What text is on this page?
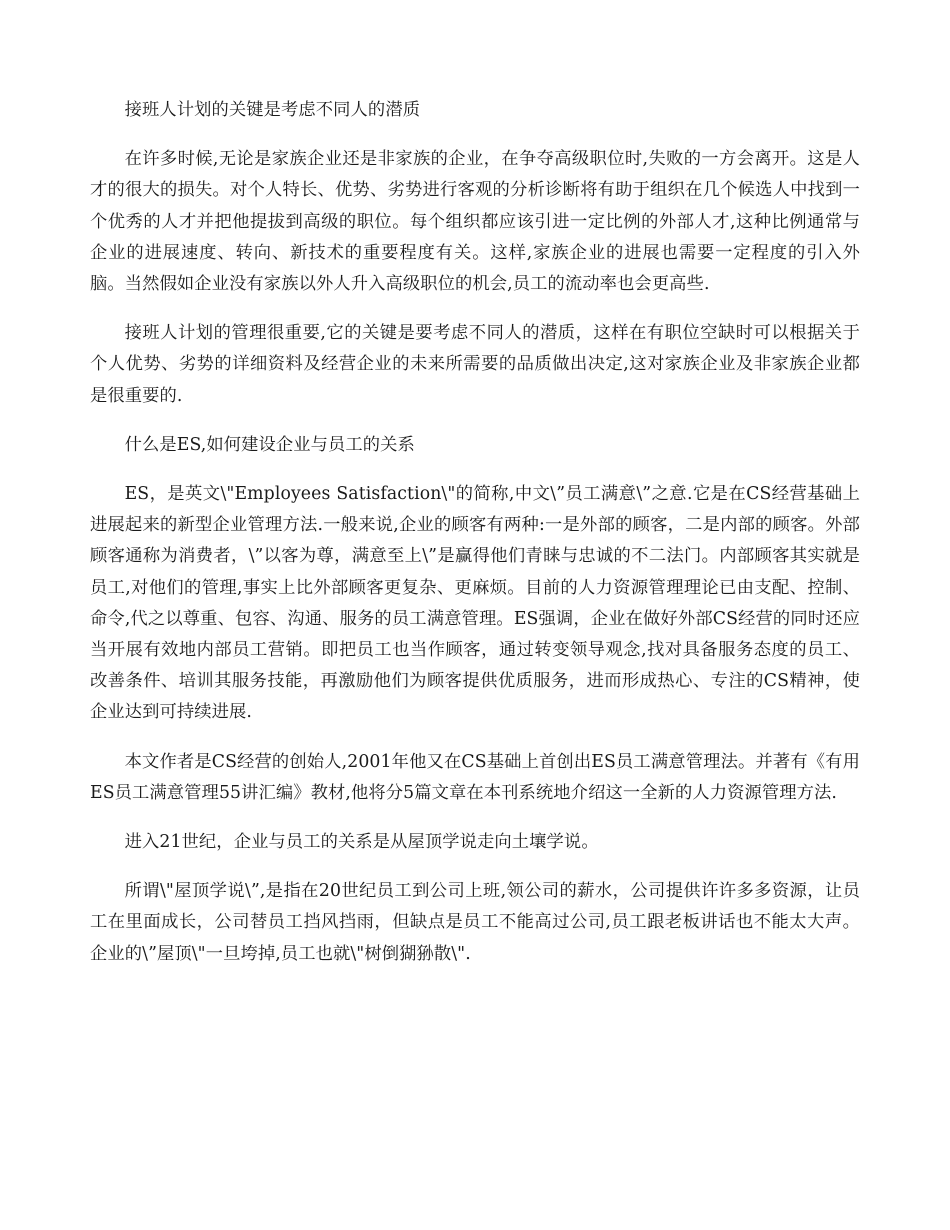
接班人计划的关键是考虑不同人的潜质

在许多时候,无论是家族企业还是非家族的企业，在争夺高级职位时,失败的一方会离开。这是人才的很大的损失。对个人特长、优势、劣势进行客观的分析诊断将有助于组织在几个候选人中找到一个优秀的人才并把他提拔到高级的职位。每个组织都应该引进一定比例的外部人才,这种比例通常与企业的进展速度、转向、新技术的重要程度有关。这样,家族企业的进展也需要一定程度的引入外脑。当然假如企业没有家族以外人升入高级职位的机会,员工的流动率也会更高些.

接班人计划的管理很重要,它的关键是要考虑不同人的潜质，这样在有职位空缺时可以根据关于个人优势、劣势的详细资料及经营企业的未来所需要的品质做出决定,这对家族企业及非家族企业都是很重要的.

什么是ES,如何建设企业与员工的关系

ES，是英文\"Employees Satisfaction\"的简称,中文\”员工满意\”之意.它是在CS经营基础上进展起来的新型企业管理方法.一般来说,企业的顾客有两种:一是外部的顾客，二是内部的顾客。外部顾客通称为消费者，\”以客为尊，满意至上\”是赢得他们青睐与忠诚的不二法门。内部顾客其实就是员工,对他们的管理,事实上比外部顾客更复杂、更麻烦。目前的人力资源管理理论已由支配、控制、命令,代之以尊重、包容、沟通、服务的员工满意管理。ES强调，企业在做好外部CS经营的同时还应当开展有效地内部员工营销。即把员工也当作顾客，通过转变领导观念,找对具备服务态度的员工、改善条件、培训其服务技能，再激励他们为顾客提供优质服务，进而形成热心、专注的CS精神，使企业达到可持续进展.

本文作者是CS经营的创始人,2001年他又在CS基础上首创出ES员工满意管理法。并著有《有用ES员工满意管理55讲汇编》教材,他将分5篇文章在本刊系统地介绍这一全新的人力资源管理方法.

进入21世纪，企业与员工的关系是从屋顶学说走向土壤学说。

所谓\"屋顶学说\”,是指在20世纪员工到公司上班,领公司的薪水，公司提供许许多多资源，让员工在里面成长，公司替员工挡风挡雨，但缺点是员工不能高过公司,员工跟老板讲话也不能太大声。企业的\”屋顶\"一旦垮掉,员工也就\"树倒猢狲散\".
